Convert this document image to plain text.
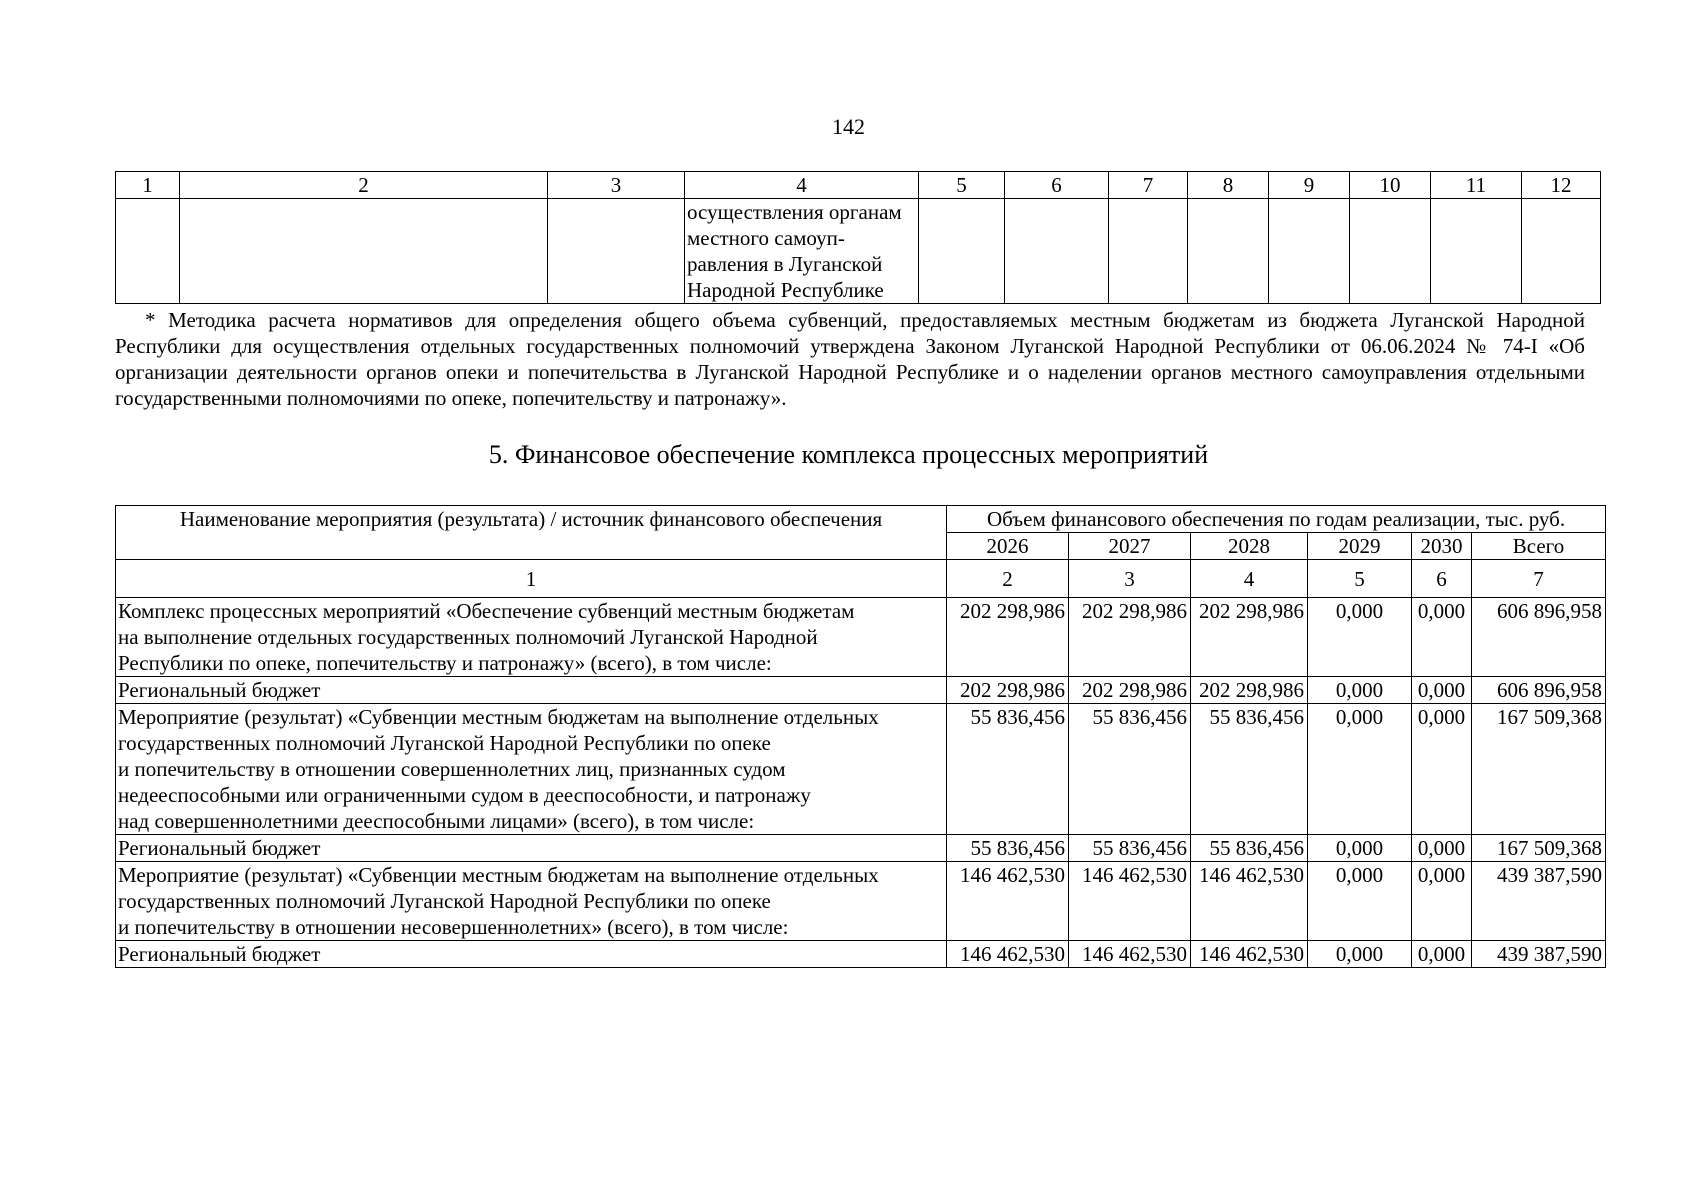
142
1	2	3	4	5	6	7	8	9	10	11	12

			осуществления органам
местного самоуп-
равления в Луганской
Народной Республике								

* Методика расчета нормативов для определения общего объема субвенций, предоставляемых местным бюджетам из бюджета Луганской Народной Республики для осуществления отдельных государственных полномочий утверждена Законом Луганской Народной Республики от 06.06.2024 № 74-I «Об организации деятельности органов опеки и попечительства в Луганской Народной Республике и о наделении органов местного самоуправления отдельными государственными полномочиями по опеке, попечительству и патронажу».
5. Финансовое обеспечение комплекса процессных мероприятий
Наименование мероприятия (результата) / источник финансового обеспечения	Объем финансового обеспечения по годам реализации, тыс. руб.					
	2026	2027	2028	2029	2030	Всего
1	2	3	4	5	6	7

Комплекс процессных мероприятий «Обеспечение субвенций местным бюджетам
на выполнение отдельных государственных полномочий Луганской Народной
Республики по опеке, попечительству и патронажу» (всего), в том числе:	202 298,986	202 298,986	202 298,986	0,000	0,000	606 896,958

Региональный бюджет	202 298,986	202 298,986	202 298,986	0,000	0,000	606 896,958

Мероприятие (результат) «Субвенции местным бюджетам на выполнение отдельных
государственных полномочий Луганской Народной Республики по опеке
и попечительству в отношении совершеннолетних лиц, признанных судом
недееспособными или ограниченными судом в дееспособности, и патронажу
над совершеннолетними дееспособными лицами» (всего), в том числе:	55 836,456	55 836,456	55 836,456	0,000	0,000	167 509,368

Региональный бюджет	55 836,456	55 836,456	55 836,456	0,000	0,000	167 509,368

Мероприятие (результат) «Субвенции местным бюджетам на выполнение отдельных
государственных полномочий Луганской Народной Республики по опеке
и попечительству в отношении несовершеннолетних» (всего), в том числе:	146 462,530	146 462,530	146 462,530	0,000	0,000	439 387,590

Региональный бюджет	146 462,530	146 462,530	146 462,530	0,000	0,000	439 387,590
